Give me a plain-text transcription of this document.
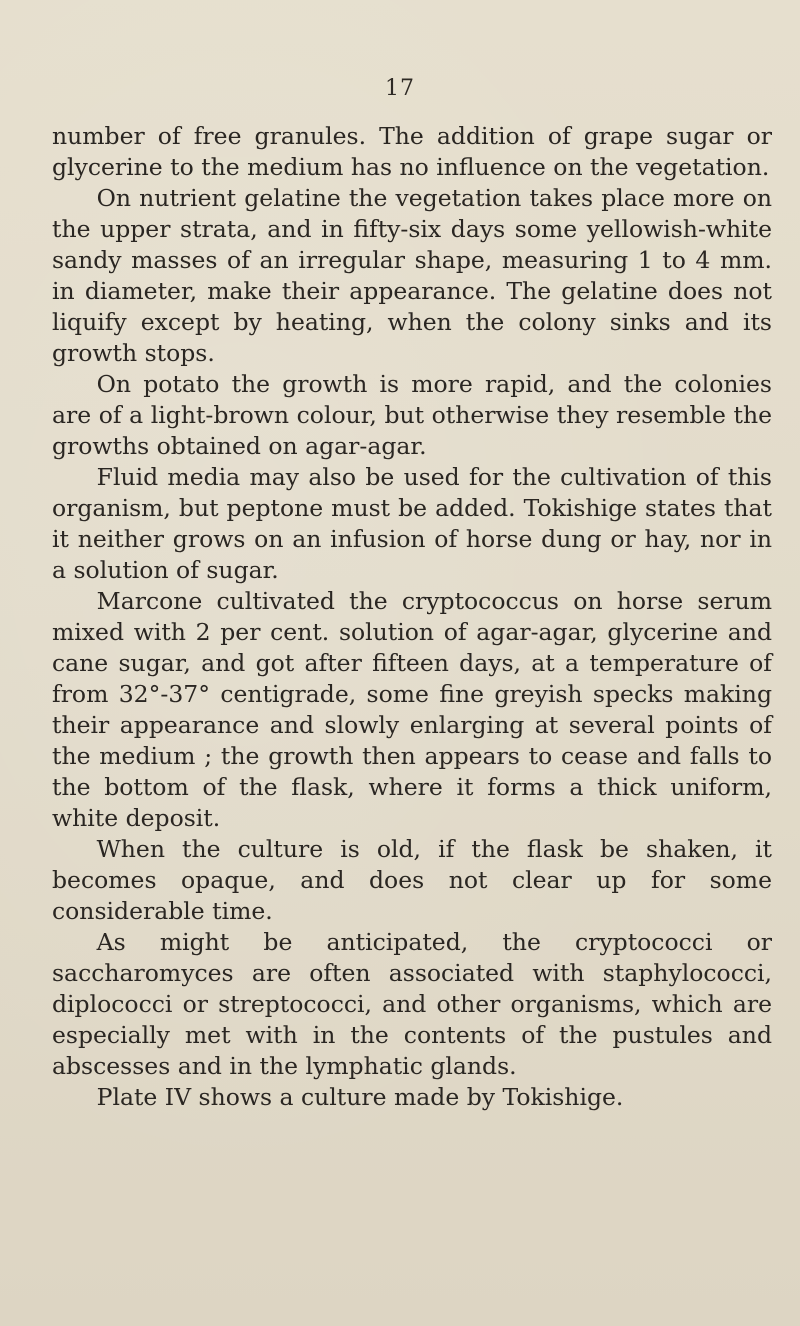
17

number of free granules. The addition of grape sugar or glycerine to the medium has no influence on the vegetation.

On nutrient gelatine the vegetation takes place more on the upper strata, and in fifty-six days some yellowish-white sandy masses of an irregular shape, measuring 1 to 4 mm. in diameter, make their appearance. The gelatine does not liquify except by heating, when the colony sinks and its growth stops.

On potato the growth is more rapid, and the colonies are of a light-brown colour, but otherwise they resemble the growths obtained on agar-agar.

Fluid media may also be used for the cultivation of this organism, but peptone must be added. Tokishige states that it neither grows on an infusion of horse dung or hay, nor in a solution of sugar.

Marcone cultivated the cryptococcus on horse serum mixed with 2 per cent. solution of agar-agar, glycerine and cane sugar, and got after fifteen days, at a temperature of from 32°-37° centigrade, some fine greyish specks making their appearance and slowly enlarging at several points of the medium ; the growth then appears to cease and falls to the bottom of the flask, where it forms a thick uniform, white deposit.

When the culture is old, if the flask be shaken, it becomes opaque, and does not clear up for some considerable time.

As might be anticipated, the cryptococci or saccharomyces are often associated with staphylococci, diplococci or streptococci, and other organisms, which are especially met with in the contents of the pustules and abscesses and in the lymphatic glands.

Plate IV shows a culture made by Tokishige.
